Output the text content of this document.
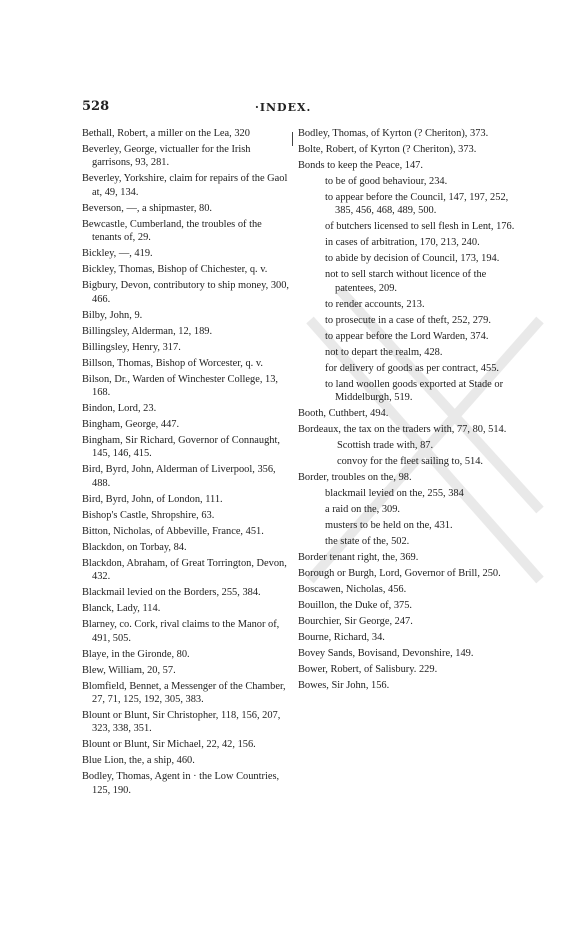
528	·INDEX.
Bethall, Robert, a miller on the Lea, 320
Beverley, George, victualler for the Irish garrisons, 93, 281.
Beverley, Yorkshire, claim for repairs of the Gaol at, 49, 134.
Beverson, —, a shipmaster, 80.
Bewcastle, Cumberland, the troubles of the tenants of, 29.
Bickley, —, 419.
Bickley, Thomas, Bishop of Chichester, q. v.
Bigbury, Devon, contributory to ship money, 300, 466.
Bilby, John, 9.
Billingsley, Alderman, 12, 189.
Billingsley, Henry, 317.
Billson, Thomas, Bishop of Worcester, q. v.
Bilson, Dr., Warden of Winchester College, 13, 168.
Bindon, Lord, 23.
Bingham, George, 447.
Bingham, Sir Richard, Governor of Connaught, 145, 146, 415.
Bird, Byrd, John, Alderman of Liverpool, 356, 488.
Bird, Byrd, John, of London, 111.
Bishop's Castle, Shropshire, 63.
Bitton, Nicholas, of Abbeville, France, 451.
Blackdon, on Torbay, 84.
Blackdon, Abraham, of Great Torrington, Devon, 432.
Blackmail levied on the Borders, 255, 384.
Blanck, Lady, 114.
Blarney, co. Cork, rival claims to the Manor of, 491, 505.
Blaye, in the Gironde, 80.
Blew, William, 20, 57.
Blomfield, Bennet, a Messenger of the Chamber, 27, 71, 125, 192, 305, 383.
Blount or Blunt, Sir Christopher, 118, 156, 207, 323, 338, 351.
Blount or Blunt, Sir Michael, 22, 42, 156.
Blue Lion, the, a ship, 460.
Bodley, Thomas, Agent in · the Low Countries, 125, 190.
Bodley, Thomas, of Kyrton (? Cheriton), 373.
Bolte, Robert, of Kyrton (? Cheriton), 373.
Bonds to keep the Peace, 147.
to be of good behaviour, 234.
to appear before the Council, 147, 197, 252, 385, 456, 468, 489, 500.
of butchers licensed to sell flesh in Lent, 176.
in cases of arbitration, 170, 213, 240.
to abide by decision of Council, 173, 194.
not to sell starch without licence of the patentees, 209.
to render accounts, 213.
to prosecute in a case of theft, 252, 279.
to appear before the Lord Warden, 374.
not to depart the realm, 428.
for delivery of goods as per contract, 455.
to land woollen goods exported at Stade or Middelburgh, 519.
Booth, Cuthbert, 494.
Bordeaux, the tax on the traders with, 77, 80, 514.
Scottish trade with, 87.
convoy for the fleet sailing to, 514.
Border, troubles on the, 98.
blackmail levied on the, 255, 384
a raid on the, 309.
musters to be held on the, 431.
the state of the, 502.
Border tenant right, the, 369.
Borough or Burgh, Lord, Governor of Brill, 250.
Boscawen, Nicholas, 456.
Bouillon, the Duke of, 375.
Bourchier, Sir George, 247.
Bourne, Richard, 34.
Bovey Sands, Bovisand, Devonshire, 149.
Bower, Robert, of Salisbury. 229.
Bowes, Sir John, 156.
